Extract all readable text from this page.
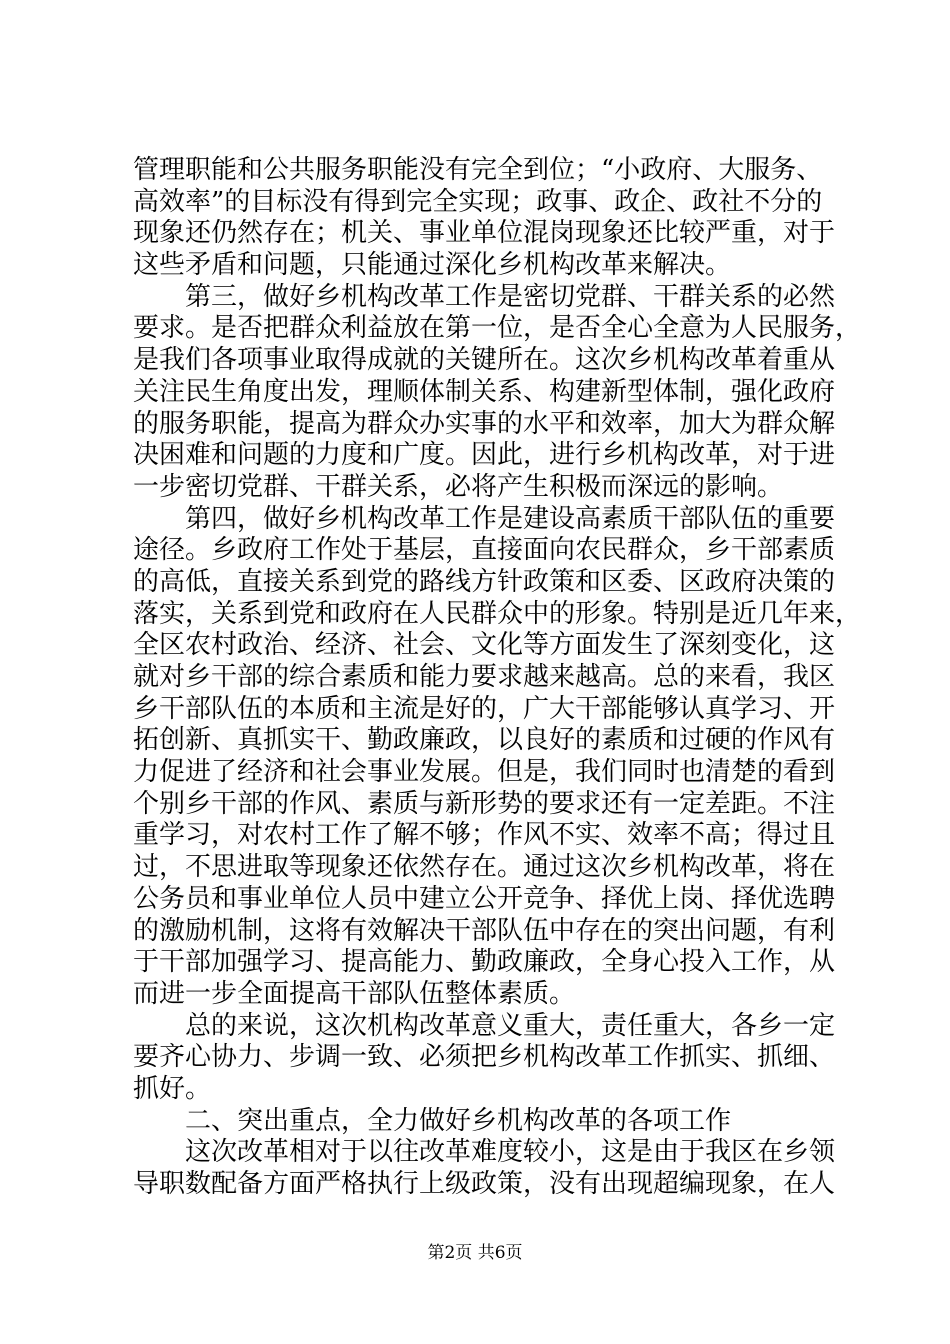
管理职能和公共服务职能没有完全到位；“小政府、大服务、
高效率”的目标没有得到完全实现；政事、政企、政社不分的
现象还仍然存在；机关、事业单位混岗现象还比较严重，对于
这些矛盾和问题，只能通过深化乡机构改革来解决。
第三，做好乡机构改革工作是密切党群、干群关系的必然
要求。是否把群众利益放在第一位，是否全心全意为人民服务，
是我们各项事业取得成就的关键所在。这次乡机构改革着重从
关注民生角度出发，理顺体制关系、构建新型体制，强化政府
的服务职能，提高为群众办实事的水平和效率，加大为群众解
决困难和问题的力度和广度。因此，进行乡机构改革，对于进
一步密切党群、干群关系，必将产生积极而深远的影响。
第四，做好乡机构改革工作是建设高素质干部队伍的重要
途径。乡政府工作处于基层，直接面向农民群众，乡干部素质
的高低，直接关系到党的路线方针政策和区委、区政府决策的
落实，关系到党和政府在人民群众中的形象。特别是近几年来，
全区农村政治、经济、社会、文化等方面发生了深刻变化，这
就对乡干部的综合素质和能力要求越来越高。总的来看，我区
乡干部队伍的本质和主流是好的，广大干部能够认真学习、开
拓创新、真抓实干、勤政廉政，以良好的素质和过硬的作风有
力促进了经济和社会事业发展。但是，我们同时也清楚的看到
个别乡干部的作风、素质与新形势的要求还有一定差距。不注
重学习，对农村工作了解不够；作风不实、效率不高；得过且
过，不思进取等现象还依然存在。通过这次乡机构改革，将在
公务员和事业单位人员中建立公开竞争、择优上岗、择优选聘
的激励机制，这将有效解决干部队伍中存在的突出问题，有利
于干部加强学习、提高能力、勤政廉政，全身心投入工作，从
而进一步全面提高干部队伍整体素质。
总的来说，这次机构改革意义重大，责任重大，各乡一定
要齐心协力、步调一致、必须把乡机构改革工作抓实、抓细、
抓好。
二、突出重点，全力做好乡机构改革的各项工作
这次改革相对于以往改革难度较小，这是由于我区在乡领
导职数配备方面严格执行上级政策，没有出现超编现象，在人
第2页 共6页
